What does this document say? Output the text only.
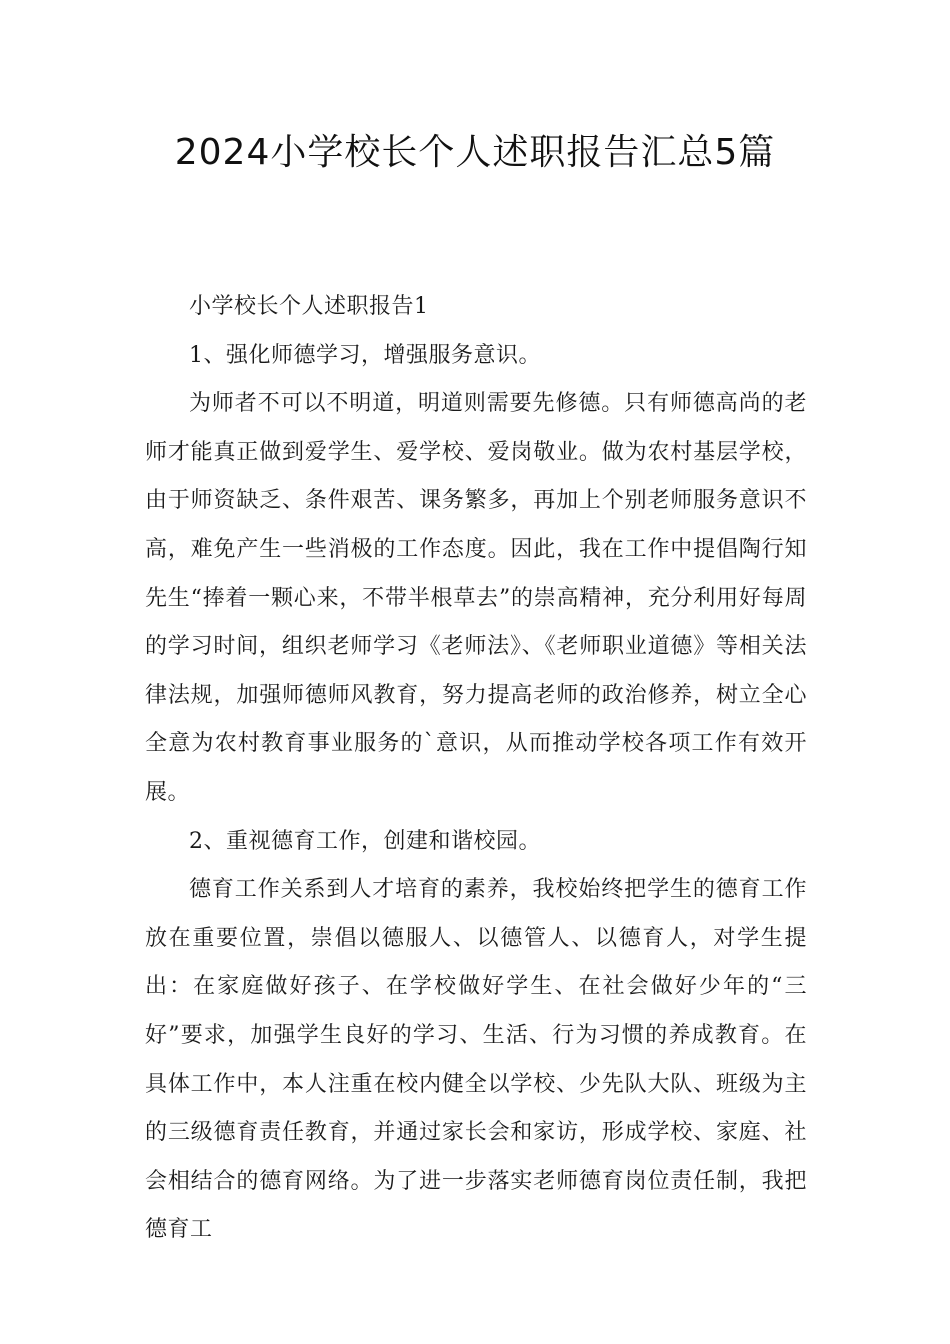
2024小学校长个人述职报告汇总5篇

小学校长个人述职报告1

1、强化师德学习，增强服务意识。

为师者不可以不明道，明道则需要先修德。只有师德高尚的老师才能真正做到爱学生、爱学校、爱岗敬业。做为农村基层学校，由于师资缺乏、条件艰苦、课务繁多，再加上个别老师服务意识不高，难免产生一些消极的工作态度。因此，我在工作中提倡陶行知先生“捧着一颗心来，不带半根草去”的崇高精神，充分利用好每周的学习时间，组织老师学习《老师法》、《老师职业道德》等相关法律法规，加强师德师风教育，努力提高老师的政治修养，树立全心全意为农村教育事业服务的`意识，从而推动学校各项工作有效开展。

2、重视德育工作，创建和谐校园。

德育工作关系到人才培育的素养，我校始终把学生的德育工作放在重要位置，崇倡以德服人、以德管人、以德育人，对学生提出：在家庭做好孩子、在学校做好学生、在社会做好少年的“三好”要求，加强学生良好的学习、生活、行为习惯的养成教育。在具体工作中，本人注重在校内健全以学校、少先队大队、班级为主的三级德育责任教育，并通过家长会和家访，形成学校、家庭、社会相结合的德育网络。为了进一步落实老师德育岗位责任制，我把德育工
